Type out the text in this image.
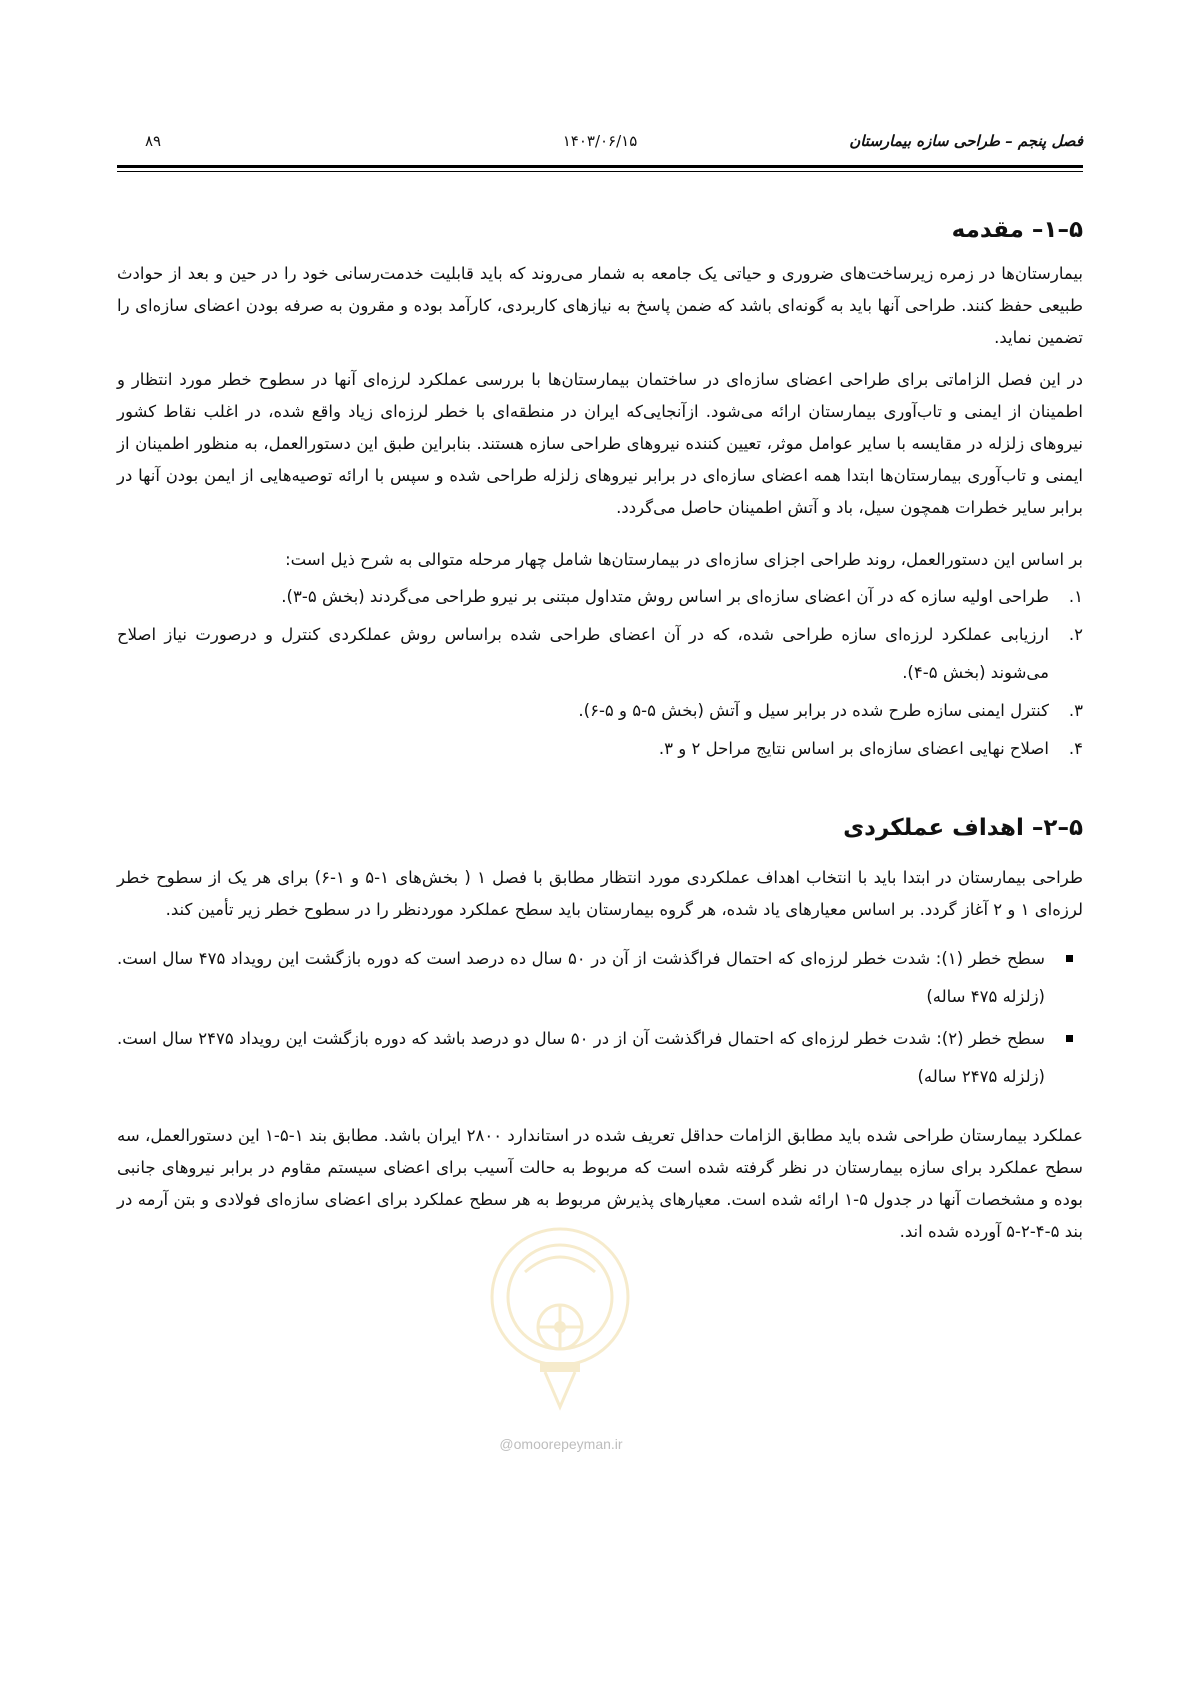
فصل پنجم – طراحی سازه بیمارستان
۱۴۰۳/۰۶/۱۵
۸۹
۵–۱– مقدمه

بیمارستان‌ها در زمره زیرساخت‌های ضروری و حیاتی یک جامعه به شمار می‌روند که باید قابلیت خدمت‌رسانی خود را در حین و بعد از حوادث طبیعی حفظ کنند. طراحی آنها باید به گونه‌ای باشد که ضمن پاسخ به نیازهای کاربردی، کارآمد بوده و مقرون به صرفه بودن اعضای سازه‌ای را تضمین نماید.

در این فصل الزاماتی برای طراحی اعضای سازه‌ای در ساختمان بیمارستان‌ها با بررسی عملکرد لرزه‌ای آنها در سطوح خطر مورد انتظار و اطمینان از ایمنی و تاب‌آوری بیمارستان ارائه می‌شود. ازآنجایی‌که ایران در منطقه‌ای با خطر لرزه‌ای زیاد واقع شده، در اغلب نقاط کشور نیروهای زلزله در مقایسه با سایر عوامل موثر، تعیین کننده نیروهای طراحی سازه هستند. بنابراین طبق این دستورالعمل، به منظور اطمینان از ایمنی و تاب‌آوری بیمارستان‌ها ابتدا همه اعضای سازه‌ای در برابر نیروهای زلزله طراحی شده و سپس با ارائه توصیه‌هایی از ایمن بودن آنها در برابر سایر خطرات همچون سیل، باد و آتش اطمینان حاصل می‌گردد.

بر اساس این دستورالعمل، روند طراحی اجزای سازه‌ای در بیمارستان‌ها شامل چهار مرحله متوالی به شرح ذیل است:

۱.
طراحی اولیه سازه که در آن اعضای سازه‌ای بر اساس روش متداول مبتنی بر نیرو طراحی می‌گردند (بخش ۵-۳).
۲.
ارزیابی عملکرد لرزه‌ای سازه طراحی شده، که در آن اعضای طراحی شده براساس روش عملکردی کنترل و درصورت نیاز اصلاح می‌شوند (بخش ۵-۴).
۳.
کنترل ایمنی سازه طرح شده در برابر سیل و آتش (بخش ۵-۵ و ۵-۶).
۴.
اصلاح نهایی اعضای سازه‌ای بر اساس نتایج مراحل ۲ و ۳.
۵–۲– اهداف عملکردی

طراحی بیمارستان در ابتدا باید با انتخاب اهداف عملکردی مورد انتظار مطابق با فصل ۱ ( بخش‌های ۱-۵ و ۱-۶) برای هر یک از سطوح خطر لرزه‌ای ۱ و ۲ آغاز گردد. بر اساس معیارهای یاد شده، هر گروه بیمارستان باید سطح عملکرد موردنظر را در سطوح خطر زیر تأمین کند.

سطح خطر (۱): شدت خطر لرزه‌ای که احتمال فراگذشت از آن در ۵۰ سال ده درصد است که دوره بازگشت این رویداد ۴۷۵ سال است. (زلزله ۴۷۵ ساله)
سطح خطر (۲): شدت خطر لرزه‌ای که احتمال فراگذشت آن از در ۵۰ سال دو درصد باشد که دوره بازگشت این رویداد ۲۴۷۵ سال است. (زلزله ۲۴۷۵ ساله)

عملکرد بیمارستان طراحی شده باید مطابق الزامات حداقل تعریف شده در استاندارد ۲۸۰۰ ایران باشد. مطابق بند ۱-۵-۱ این دستورالعمل، سه سطح عملکرد برای سازه بیمارستان در نظر گرفته شده است که مربوط به حالت آسیب برای اعضای سیستم مقاوم در برابر نیروهای جانبی بوده و مشخصات آنها در جدول ۵-۱ ارائه شده است. معیارهای پذیرش مربوط به هر سطح عملکرد برای اعضای سازه‌ای فولادی و بتن آرمه در بند ۵-۴-۲-۵ آورده شده اند.

@omoorepeyman.ir
